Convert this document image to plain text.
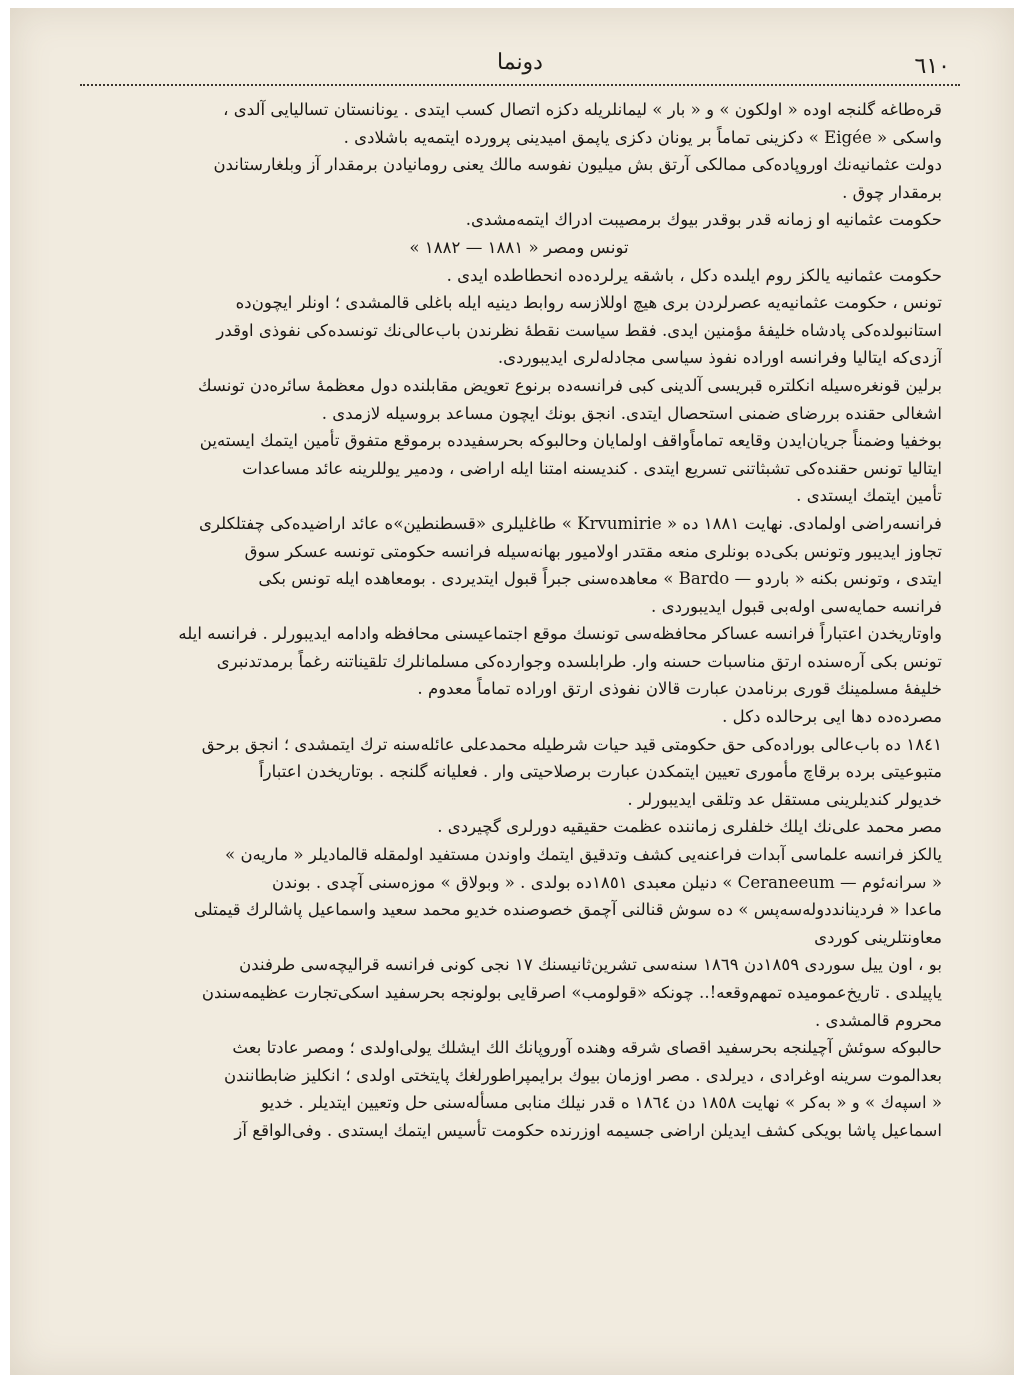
٦١٠
دونما
قره‌طاغه گلنجه اوده « اولكون » و « بار » ليمانلريله دكزه اتصال كسب ايتدى . يونانستان تساليايى آلدى ،
واسكى « Eigée » دكزينى تماماً بر يونان دكزى ياپمق اميدينى پرورده ايتمه‌يه باشلادى .
دولت عثمانيه‌نك اوروپاده‌كى ممالكى آرتق بش ميليون نفوسه مالك يعنى رومانيادن برمقدار آز وبلغارستاندن
برمقدار چوق .
حكومت عثمانيه او زمانه قدر بوقدر بيوك برمصيبت ادراك ايتمه‌مشدى.
تونس ومصر « ١٨٨١ — ١٨٨٢ »
حكومت عثمانيه يالكز روم ايلىده دكل ، باشقه يرلرده‌ده انحطاطده ايدى .
تونس ، حكومت عثمانيه‌يه عصرلردن برى هيچ اوللازسه روابط دينيه ايله باغلى قالمشدى ؛ اونلر ايچون‌ده
استانبولده‌كى پادشاه خليفهٔ مؤمنين ايدى. فقط سياست نقطهٔ نظرندن باب‌عالى‌نك تونسده‌كى نفوذى اوقدر
آزدى‌كه ايتاليا وفرانسه اوراده نفوذ سياسى مجادله‌لرى ايديبوردى.
برلين قونغره‌سيله انكلتره قبريسى آلدينى كبى فرانسه‌ده برنوع تعويض مقابلنده دول معظمهٔ سائره‌دن تونسك
اشغالى حقنده بررضاى ضمنى استحصال ايتدى. انجق بونك ايچون مساعد بروسيله لازمدى .
بوخفيا وضمناً جريان‌ايدن وقايعه تماماًواقف اولمايان وحالبوكه بحرسفيدده برموقع متفوق تأمين ايتمك ايسته‌ين
ايتاليا تونس حقنده‌كى تشبثاتنى تسريع ايتدى . كنديسنه امتنا ايله اراضى ، ودمير يوللرينه عائد مساعدات
تأمين ايتمك ايستدى .
فرانسه‌راضى اولمادى. نهايت ١٨٨١ ده « Krvumirie » طاغليلرى «قسطنطين»ه عائد اراضيده‌كى چفتلكلرى
تجاوز ايديبور وتونس بكى‌ده بونلرى منعه مقتدر اولاميور بهانه‌سيله فرانسه حكومتى تونسه عسكر سوق
ايتدى ، وتونس بكنه « باردو — Bardo » معاهده‌سنى جبراً قبول ايتديردى . بومعاهده ايله تونس بكى
فرانسه حمايه‌سى اوله‌بى قبول ايديبوردى .
واوتاريخدن اعتباراً فرانسه عساكر محافظه‌سى تونسك موقع اجتماعيسنى محافظه وادامه ايديبورلر . فرانسه ايله
تونس بكى آره‌سنده ارتق مناسبات حسنه وار. طرابلسده وجوارده‌كى مسلمانلرك تلقيناتنه رغماً برمدتدنبرى
خليفهٔ مسلمينك قورى برنامدن عبارت قالان نفوذى ارتق اوراده تماماً معدوم .
مصرده‌ده دها ايى برحالده دكل .
١٨٤١ ده باب‌عالى بوراده‌كى حق حكومتى قيد حيات شرطيله محمدعلى عائله‌سنه ترك ايتمشدى ؛ انجق برحق
متبوعيتى برده برقاچ مأمورى تعيين ايتمكدن عبارت برصلاحيتى وار . فعليانه گلنجه . بوتاريخدن اعتباراً
خديولر كنديلرينى مستقل عد وتلقى ايديبورلر .
مصر محمد على‌نك ايلك خلفلرى زماننده عظمت حقيقيه دورلرى گچيردى .
يالكز فرانسه علماسى آبدات فراعنه‌يى كشف وتدقيق ايتمك واوندن مستفيد اولمقله قالماديلر « ماريەن »
« سرانەئوم — Ceraneeum » دنيلن معبدى ١٨٥١ده بولدى . « وبولاق » موزه‌سنى آچدى . بوندن
ماعدا « فردينانددولەسەپس » ده سوش قنالنى آچمق خصوصنده خديو محمد سعيد واسماعيل پاشالرك قيمتلى
معاونتلرينى كوردى
بو ، اون ييل سوردى ١٨٥٩دن ١٨٦٩ سنه‌سى تشرين‌ثانيسنك ١٧ نجى كونى فرانسه قراليچه‌سى طرفندن
ياپيلدى . تاريخ‌عمومیده تمهم‌وقعه!.. چونكه «قولومب» اصرقايى بولونجه بحرسفيد اسكى‌تجارت عظيمه‌سندن
محروم قالمشدى .
حالبوكه سوئش آچيلنجه بحرسفيد اقصاى شرقه وهنده آوروپانك الك ايشلك يولى‌اولدى ؛ ومصر عادتا بعث
بعدالموت سرينه اوغرادى ، ديرلدى . مصر اوزمان بيوك برايمپراطورلغك پايتختى اولدى ؛ انكليز ضابطانندن
« اسپه‌ك » و « بەكر » نهايت ١٨٥٨ دن ١٨٦٤ ه قدر نيلك منابى مسأله‌سنى حل وتعيين ايتديلر . خديو
اسماعيل پاشا بويكى كشف ايديلن اراضى جسيمه اوزرنده حكومت تأسيس ايتمك ايستدى . وفى‌الواقع آز
